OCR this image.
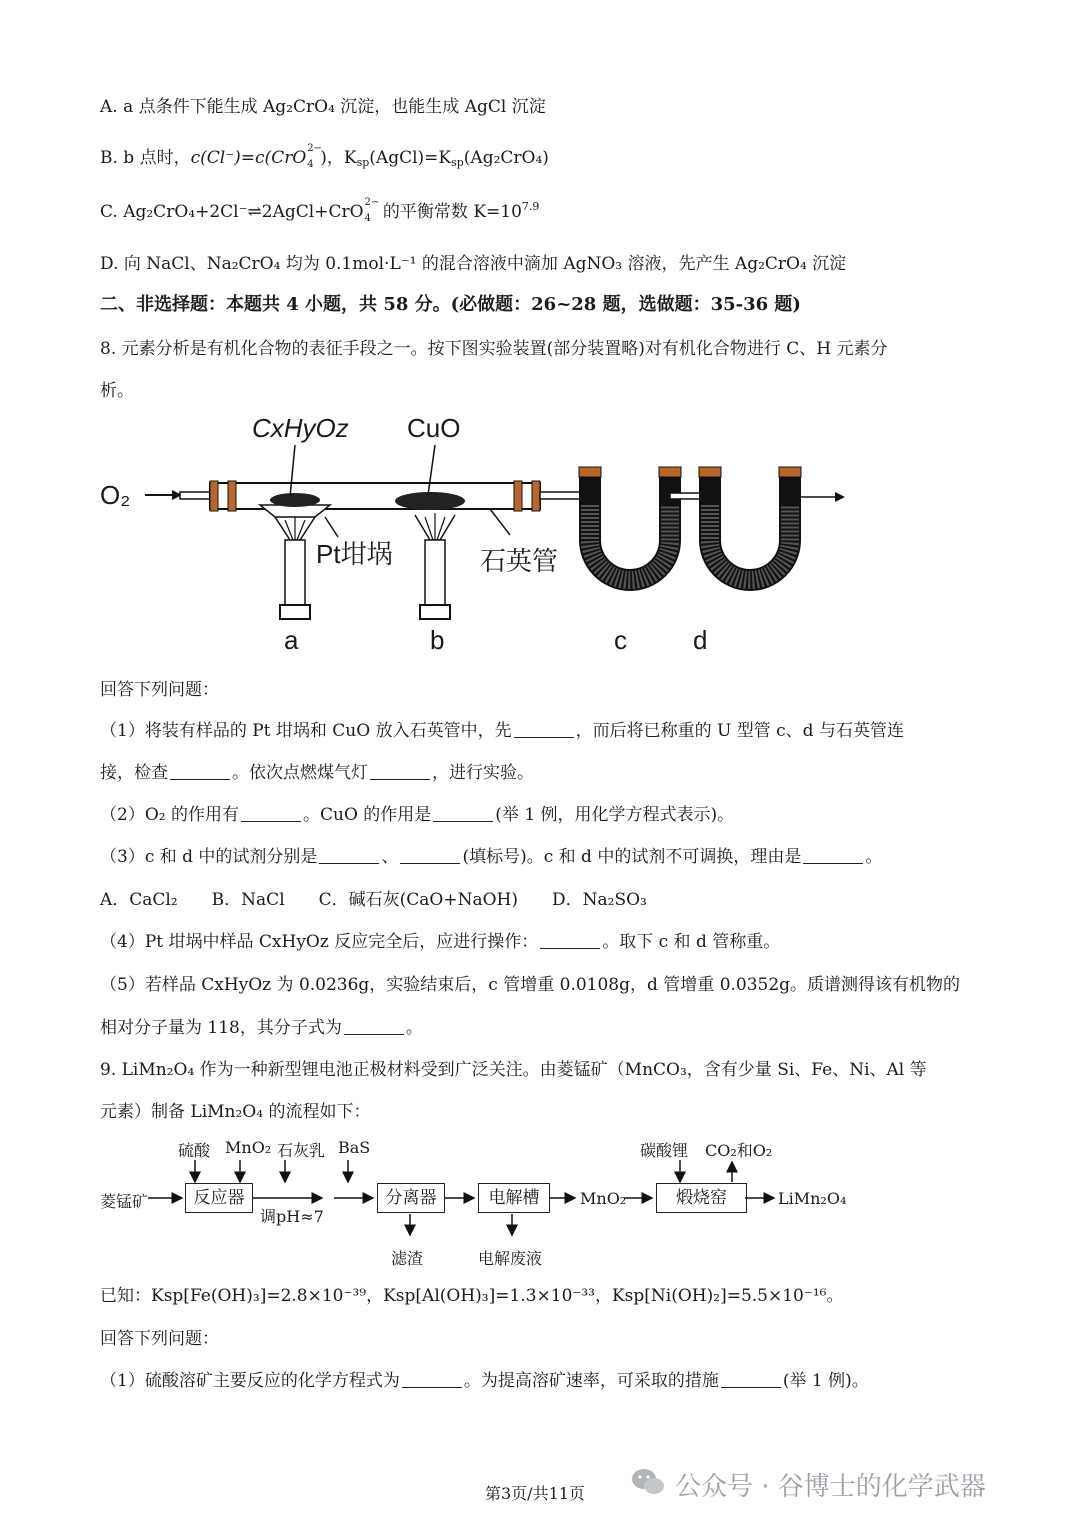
A. a 点条件下能生成 Ag₂CrO₄ 沉淀，也能生成 AgCl 沉淀
B. b 点时，c(Cl⁻)=c(CrO 2−
4 )，$K_{sp}(AgCl)=K_{sp}(Ag_2CrO_4)$
C. Ag₂CrO₄+2Cl⁻⇌2AgCl+CrO 2−
4 的平衡常数 $K=10^{7.9}$
D. 向 NaCl、Na₂CrO₄ 均为 0.1mol·L⁻¹ 的混合溶液中滴加 AgNO₃ 溶液，先产生 Ag₂CrO₄ 沉淀
二、非选择题：本题共 4 小题，共 58 分。(必做题：26~28 题，选做题：35-36 题)
8. 元素分析是有机化合物的表征手段之一。按下图实验装置(部分装置略)对有机化合物进行 C、H 元素分
析。
O₂
CxHyOz CuO
Pt坩埚	石英管
a	b	c	d
回答下列问题：
（1）将装有样品的 Pt 坩埚和 CuO 放入石英管中，先	，而后将已称重的 U 型管 c、d 与石英管连
接，检查	。依次点燃煤气灯	，进行实验。
（2）O₂ 的作用有	。CuO 的作用是	(举 1 例，用化学方程式表示)。
（3）c 和 d 中的试剂分别是	、	(填标号)。c 和 d 中的试剂不可调换，理由是	。
A．CaCl₂　　B．NaCl　　C．碱石灰(CaO+NaOH)　　D．Na₂SO₃
（4）Pt 坩埚中样品 CxHyOz 反应完全后，应进行操作：	。取下 c 和 d 管称重。
（5）若样品 CxHyOz 为 0.0236g，实验结束后，c 管增重 0.0108g，d 管增重 0.0352g。质谱测得该有机物的
相对分子量为 118，其分子式为	。
9. LiMn₂O₄ 作为一种新型锂电池正极材料受到广泛关注。由菱锰矿（MnCO₃，含有少量 Si、Fe、Ni、Al 等
元素）制备 LiMn₂O₄ 的流程如下：
菱锰矿
硫酸 MnO₂ 石灰乳 BaS
反应器
调pH≈7
分离器
滤渣
电解槽
电解废液
MnO₂
碳酸锂 CO₂和O₂
煅烧窑	LiMn₂O₄
已知：Ksp[Fe(OH)₃]=2.8×10⁻³⁹，Ksp[Al(OH)₃]=1.3×10⁻³³，Ksp[Ni(OH)₂]=5.5×10⁻¹⁶。
回答下列问题：
（1）硫酸溶矿主要反应的化学方程式为	。为提高溶矿速率，可采取的措施	(举 1 例)。
第3页/共11页	公众号 · 谷博士的化学武器
